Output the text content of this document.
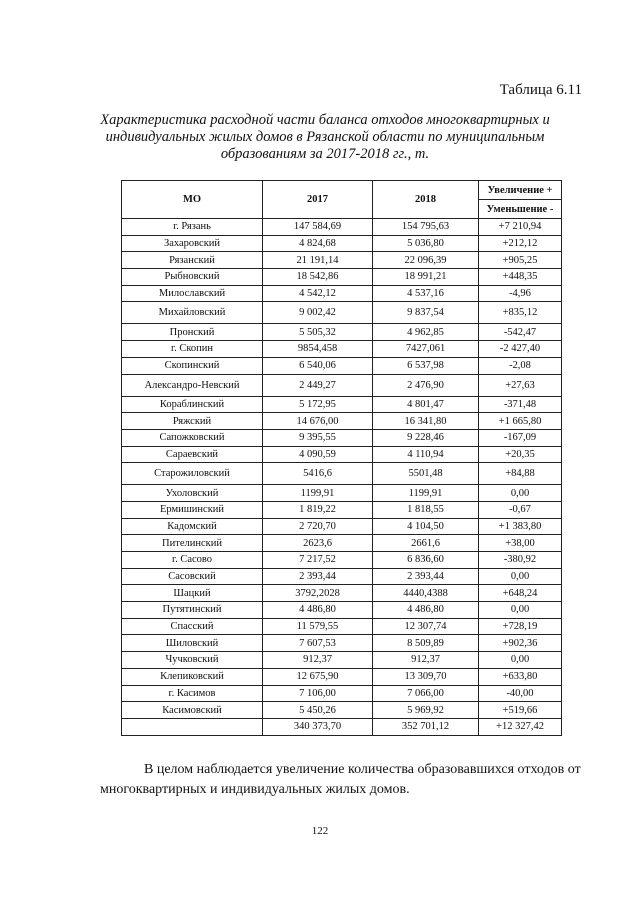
Таблица 6.11
Характеристика расходной части баланса отходов многоквартирных и индивидуальных жилых домов в Рязанской области по муниципальным образованиям за 2017-2018 гг., т.
МО	2017	2018	Увеличение +
			Уменьшение -
г. Рязань	147 584,69	154 795,63	+7 210,94
Захаровский	4 824,68	5 036,80	+212,12
Рязанский	21 191,14	22 096,39	+905,25
Рыбновский	18 542,86	18 991,21	+448,35
Милославский	4 542,12	4 537,16	-4,96
Михайловский	9 002,42	9 837,54	+835,12
Пронский	5 505,32	4 962,85	-542,47
г. Скопин	9854,458	7427,061	-2 427,40
Скопинский	6 540,06	6 537,98	-2,08
Александро-Невский	2 449,27	2 476,90	+27,63
Кораблинский	5 172,95	4 801,47	-371,48
Ряжский	14 676,00	16 341,80	+1 665,80
Сапожковский	9 395,55	9 228,46	-167,09
Сараевский	4 090,59	4 110,94	+20,35
Старожиловский	5416,6	5501,48	+84,88
Ухоловский	1199,91	1199,91	0,00
Ермишинский	1 819,22	1 818,55	-0,67
Кадомский	2 720,70	4 104,50	+1 383,80
Пителинский	2623,6	2661,6	+38,00
г. Сасово	7 217,52	6 836,60	-380,92
Сасовский	2 393,44	2 393,44	0,00
Шацкий	3792,2028	4440,4388	+648,24
Путятинский	4 486,80	4 486,80	0,00
Спасский	11 579,55	12 307,74	+728,19
Шиловский	7 607,53	8 509,89	+902,36
Чучковский	912,37	912,37	0,00
Клепиковский	12 675,90	13 309,70	+633,80
г. Касимов	7 106,00	7 066,00	-40,00
Касимовский	5 450,26	5 969,92	+519,66
	340 373,70	352 701,12	+12 327,42

В целом наблюдается увеличение количества образовавшихся отходов от многоквартирных и индивидуальных жилых домов.

122
